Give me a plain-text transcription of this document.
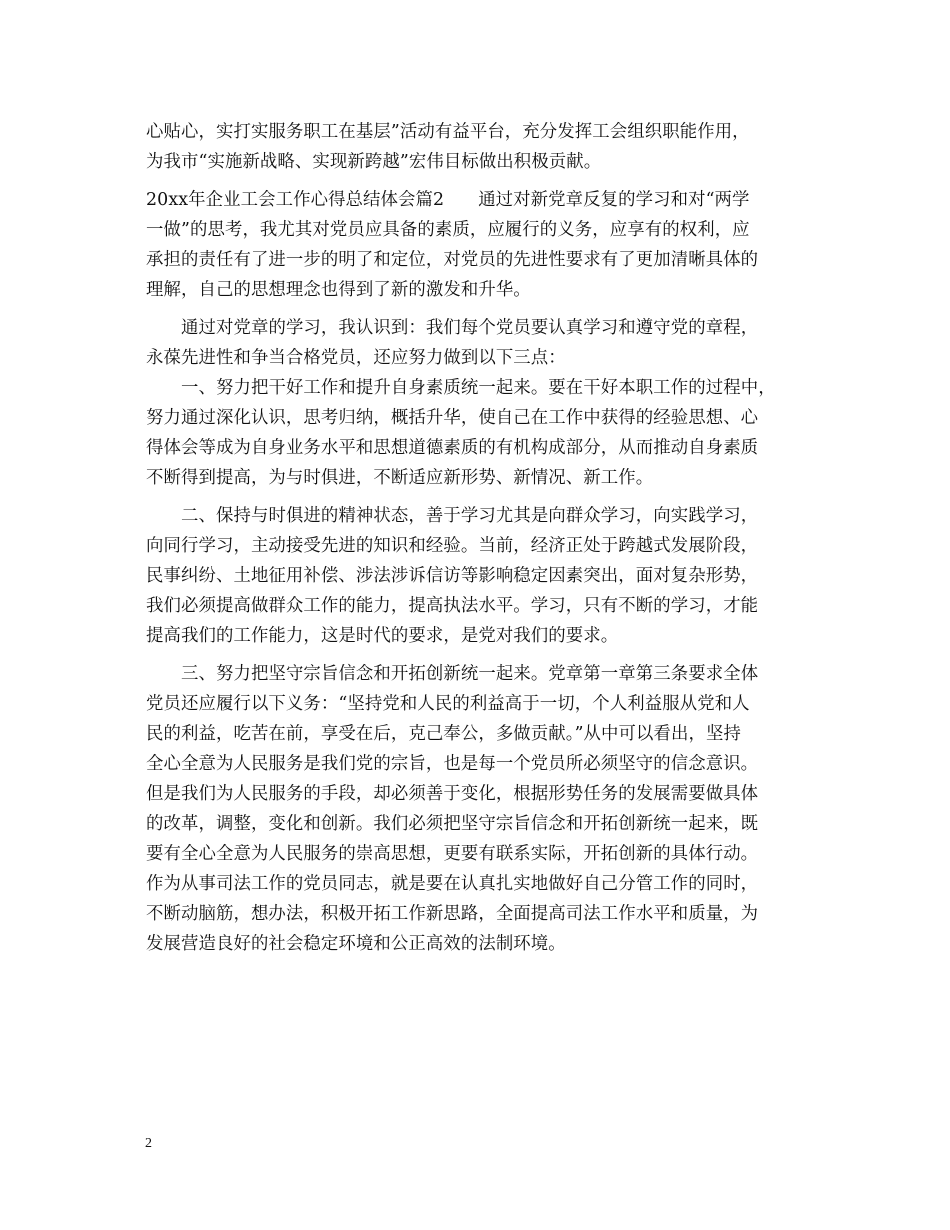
心贴心，实打实服务职工在基层”活动有益平台，充分发挥工会组织职能作用，
为我市“实施新战略、实现新跨越”宏伟目标做出积极贡献。
20xx年企业工会工作心得总结体会篇2 通过对新党章反复的学习和对“两学
一做”的思考，我尤其对党员应具备的素质，应履行的义务，应享有的权利，应
承担的责任有了进一步的明了和定位，对党员的先进性要求有了更加清晰具体的
理解，自己的思想理念也得到了新的激发和升华。
通过对党章的学习，我认识到：我们每个党员要认真学习和遵守党的章程，
永葆先进性和争当合格党员，还应努力做到以下三点：
一、努力把干好工作和提升自身素质统一起来。要在干好本职工作的过程中，
努力通过深化认识，思考归纳，概括升华，使自己在工作中获得的经验思想、心
得体会等成为自身业务水平和思想道德素质的有机构成部分，从而推动自身素质
不断得到提高，为与时俱进，不断适应新形势、新情况、新工作。
二、保持与时俱进的精神状态，善于学习尤其是向群众学习，向实践学习，
向同行学习，主动接受先进的知识和经验。当前，经济正处于跨越式发展阶段，
民事纠纷、土地征用补偿、涉法涉诉信访等影响稳定因素突出，面对复杂形势，
我们必须提高做群众工作的能力，提高执法水平。学习，只有不断的学习，才能
提高我们的工作能力，这是时代的要求，是党对我们的要求。
三、努力把坚守宗旨信念和开拓创新统一起来。党章第一章第三条要求全体
党员还应履行以下义务：“坚持党和人民的利益高于一切，个人利益服从党和人
民的利益，吃苦在前，享受在后，克己奉公，多做贡献。”从中可以看出，坚持
全心全意为人民服务是我们党的宗旨，也是每一个党员所必须坚守的信念意识。
但是我们为人民服务的手段，却必须善于变化，根据形势任务的发展需要做具体
的改革，调整，变化和创新。我们必须把坚守宗旨信念和开拓创新统一起来，既
要有全心全意为人民服务的崇高思想，更要有联系实际，开拓创新的具体行动。
作为从事司法工作的党员同志，就是要在认真扎实地做好自己分管工作的同时，
不断动脑筋，想办法，积极开拓工作新思路，全面提高司法工作水平和质量，为
发展营造良好的社会稳定环境和公正高效的法制环境。
2
